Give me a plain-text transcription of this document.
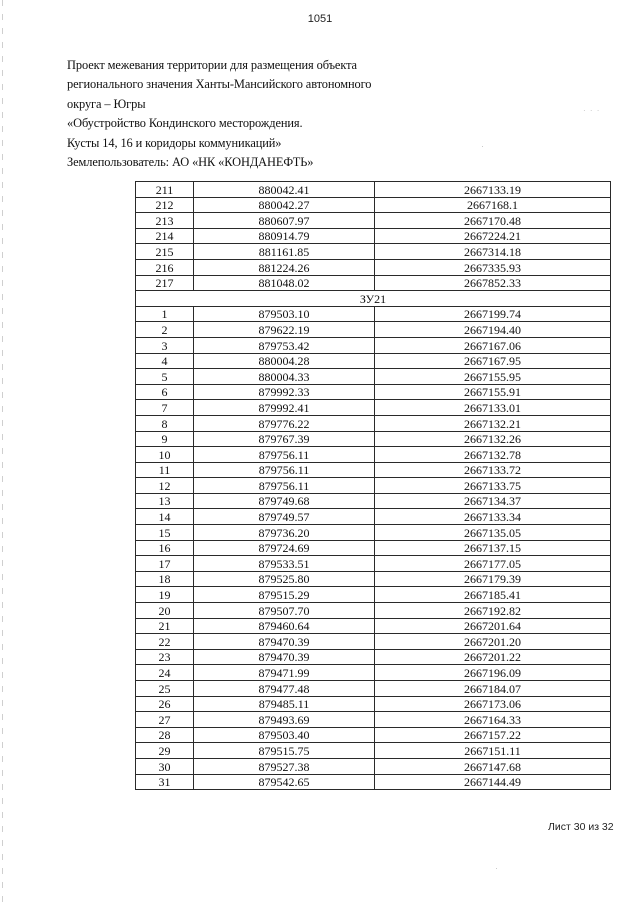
1051
Проект межевания территории для размещения объекта
регионального значения Ханты-Мансийского автономного
округа – Югры
«Обустройство Кондинского месторождения.
Кусты 14, 16 и коридоры коммуникаций»
Землепользователь: АО «НК «КОНДАНЕФТЬ»
· · ·
211	880042.41	2667133.19
212	880042.27	2667168.1
213	880607.97	2667170.48
214	880914.79	2667224.21
215	881161.85	2667314.18
216	881224.26	2667335.93
217	881048.02	2667852.33
ЗУ21		
1	879503.10	2667199.74
2	879622.19	2667194.40
3	879753.42	2667167.06
4	880004.28	2667167.95
5	880004.33	2667155.95
6	879992.33	2667155.91
7	879992.41	2667133.01
8	879776.22	2667132.21
9	879767.39	2667132.26
10	879756.11	2667132.78
11	879756.11	2667133.72
12	879756.11	2667133.75
13	879749.68	2667134.37
14	879749.57	2667133.34
15	879736.20	2667135.05
16	879724.69	2667137.15
17	879533.51	2667177.05
18	879525.80	2667179.39
19	879515.29	2667185.41
20	879507.70	2667192.82
21	879460.64	2667201.64
22	879470.39	2667201.20
23	879470.39	2667201.22
24	879471.99	2667196.09
25	879477.48	2667184.07
26	879485.11	2667173.06
27	879493.69	2667164.33
28	879503.40	2667157.22
29	879515.75	2667151.11
30	879527.38	2667147.68
31	879542.65	2667144.49
Лист 30 из 32
